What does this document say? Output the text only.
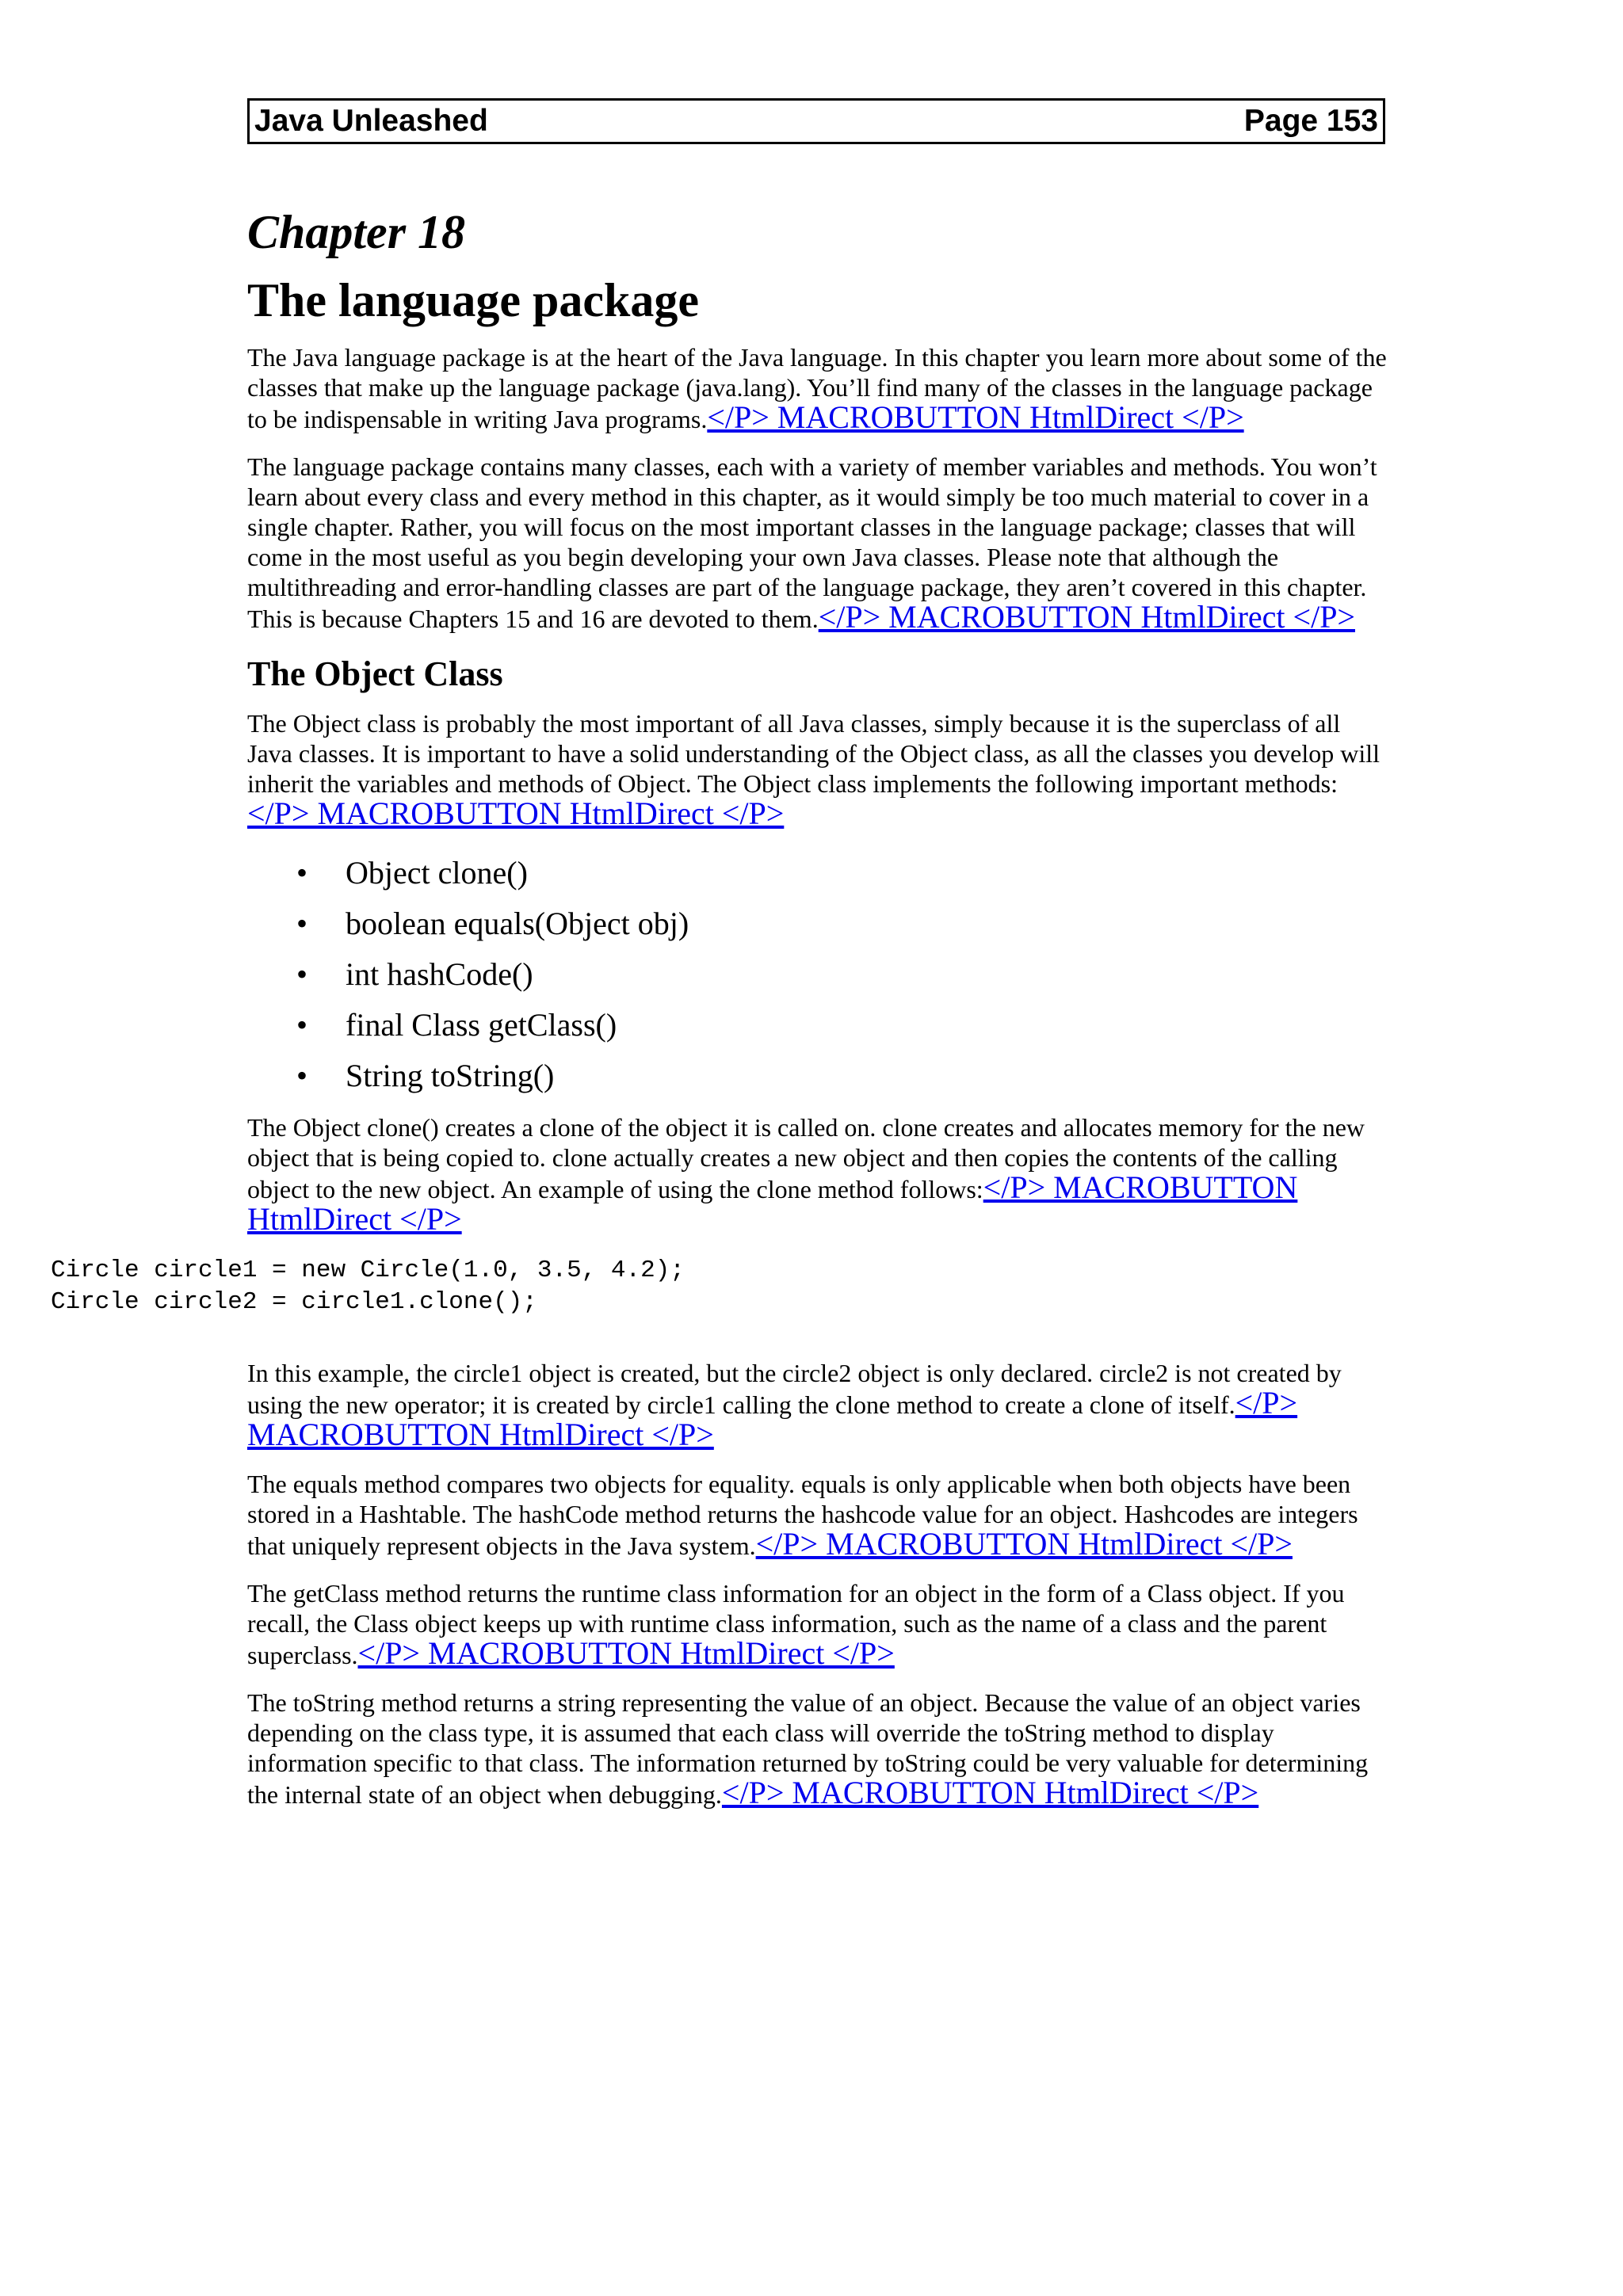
Java Unleashed	Page 153
Chapter 18
The language package

The Java language package is at the heart of the Java language. In this chapter you learn more about some of the classes that make up the language package (java.lang). You’ll find many of the classes in the language package to be indispensable in writing Java programs.</P> MACROBUTTON HtmlDirect </P>

The language package contains many classes, each with a variety of member variables and methods. You won’t learn about every class and every method in this chapter, as it would simply be too much material to cover in a single chapter. Rather, you will focus on the most important classes in the language package; classes that will come in the most useful as you begin developing your own Java classes. Please note that although the multithreading and error-handling classes are part of the language package, they aren’t covered in this chapter. This is because Chapters 15 and 16 are devoted to them.</P> MACROBUTTON HtmlDirect </P>

The Object Class

The Object class is probably the most important of all Java classes, simply because it is the superclass of all Java classes. It is important to have a solid understanding of the Object class, as all the classes you develop will inherit the variables and methods of Object. The Object class implements the following important methods:</P> MACROBUTTON HtmlDirect </P>

• Object clone()
• boolean equals(Object obj)
• int hashCode()
• final Class getClass()
• String toString()

The Object clone() creates a clone of the object it is called on. clone creates and allocates memory for the new object that is being copied to. clone actually creates a new object and then copies the contents of the calling object to the new object. An example of using the clone method follows:</P> MACROBUTTON HtmlDirect </P>

Circle circle1 = new Circle(1.0, 3.5, 4.2);
Circle circle2 = circle1.clone();

In this example, the circle1 object is created, but the circle2 object is only declared. circle2 is not created by using the new operator; it is created by circle1 calling the clone method to create a clone of itself.</P> MACROBUTTON HtmlDirect </P>

The equals method compares two objects for equality. equals is only applicable when both objects have been stored in a Hashtable. The hashCode method returns the hashcode value for an object. Hashcodes are integers that uniquely represent objects in the Java system.</P> MACROBUTTON HtmlDirect </P>

The getClass method returns the runtime class information for an object in the form of a Class object. If you recall, the Class object keeps up with runtime class information, such as the name of a class and the parent superclass.</P> MACROBUTTON HtmlDirect </P>

The toString method returns a string representing the value of an object. Because the value of an object varies depending on the class type, it is assumed that each class will override the toString method to display information specific to that class. The information returned by toString could be very valuable for determining the internal state of an object when debugging.</P> MACROBUTTON HtmlDirect </P>
